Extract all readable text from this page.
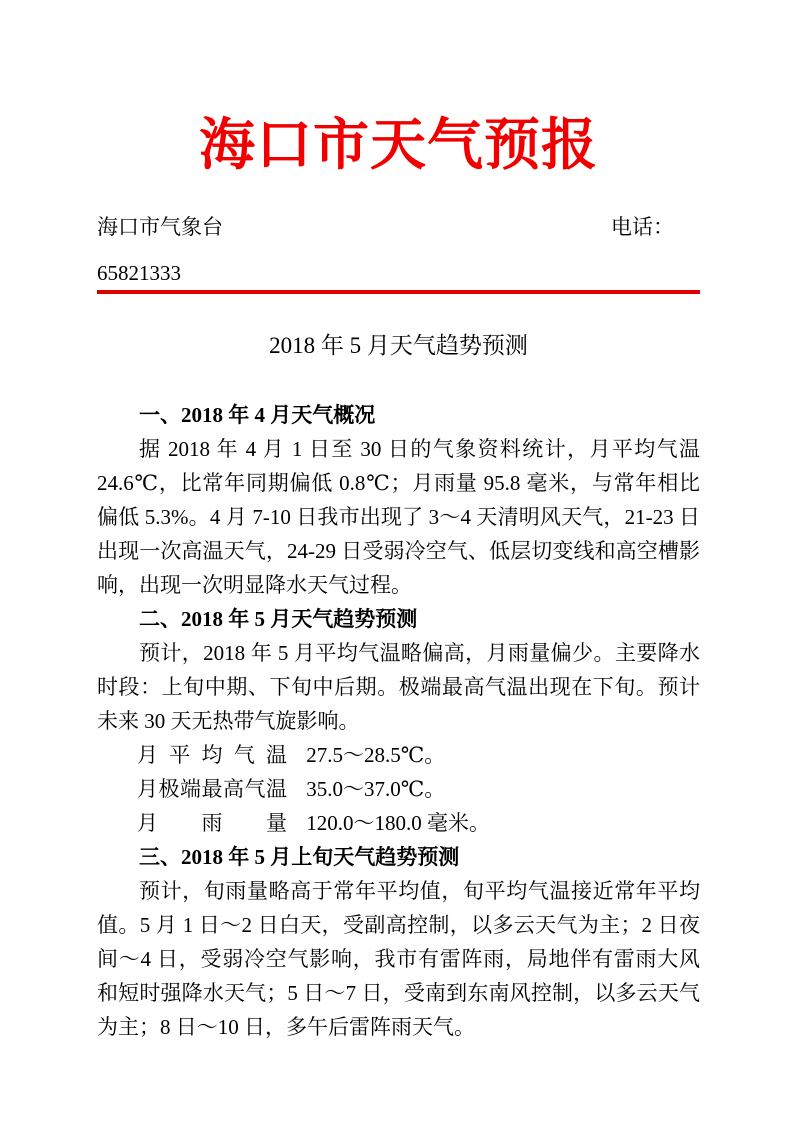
海口市天气预报
海口市气象台	电话：
65821333
2018 年 5 月天气趋势预测
一、2018 年 4 月天气概况

据 2018 年 4 月 1 日至 30 日的气象资料统计，月平均气温 24.6℃，比常年同期偏低 0.8℃；月雨量 95.8 毫米，与常年相比偏低 5.3%。4 月 7-10 日我市出现了 3～4 天清明风天气，21-23 日出现一次高温天气，24-29 日受弱冷空气、低层切变线和高空槽影响，出现一次明显降水天气过程。

二、2018 年 5 月天气趋势预测

预计，2018 年 5 月平均气温略偏高，月雨量偏少。主要降水时段：上旬中期、下旬中后期。极端最高气温出现在下旬。预计未来 30 天无热带气旋影响。

月平均气温 27.5～28.5℃。
月极端最高气温 35.0～37.0℃。
月雨量 120.0～180.0 毫米。
三、2018 年 5 月上旬天气趋势预测

预计，旬雨量略高于常年平均值，旬平均气温接近常年平均值。5 月 1 日～2 日白天，受副高控制，以多云天气为主；2 日夜间～4 日，受弱冷空气影响，我市有雷阵雨，局地伴有雷雨大风和短时强降水天气；5 日～7 日，受南到东南风控制，以多云天气为主；8 日～10 日，多午后雷阵雨天气。
